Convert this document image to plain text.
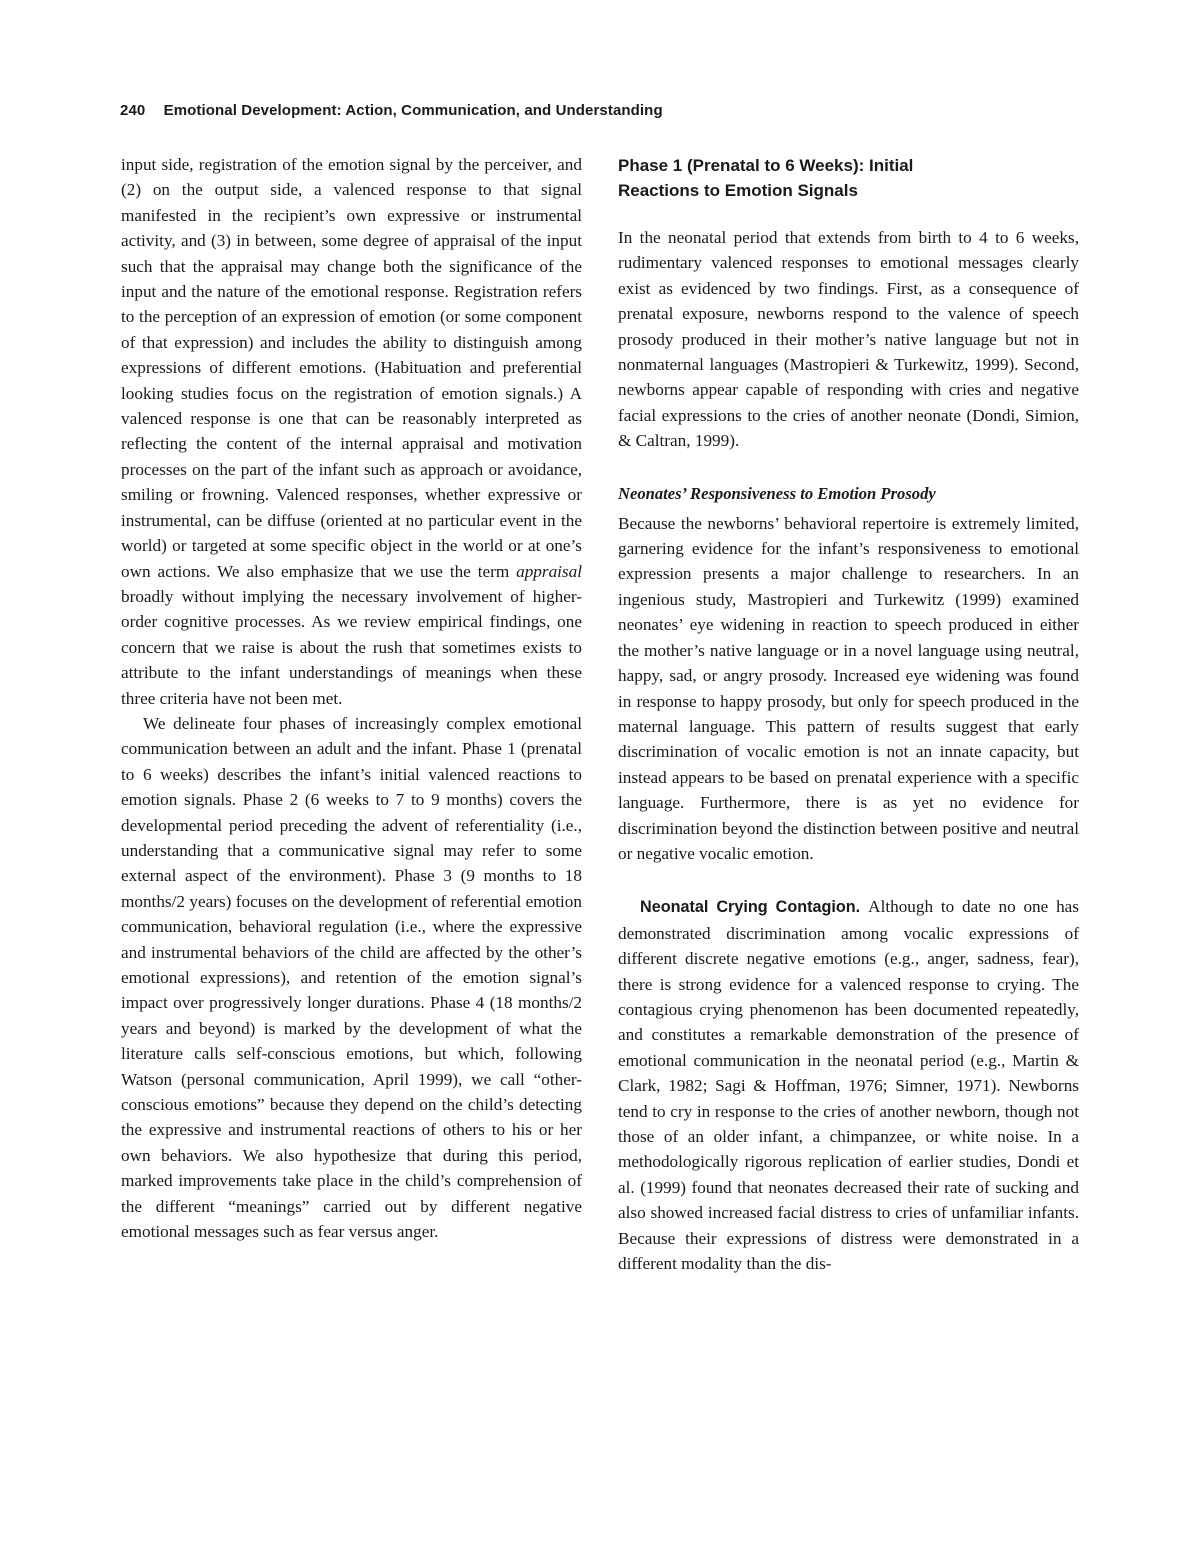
240 Emotional Development: Action, Communication, and Understanding

input side, registration of the emotion signal by the perceiver, and (2) on the output side, a valenced response to that signal manifested in the recipient’s own expressive or instrumental activity, and (3) in between, some degree of appraisal of the input such that the appraisal may change both the significance of the input and the nature of the emotional response. Registration refers to the perception of an expression of emotion (or some component of that expression) and includes the ability to distinguish among expressions of different emotions. (Habituation and preferential looking studies focus on the registration of emotion signals.) A valenced response is one that can be reasonably interpreted as reflecting the content of the internal appraisal and motivation processes on the part of the infant such as approach or avoidance, smiling or frowning. Valenced responses, whether expressive or instrumental, can be diffuse (oriented at no particular event in the world) or targeted at some specific object in the world or at one’s own actions. We also emphasize that we use the term appraisal broadly without implying the necessary involvement of higher-order cognitive processes. As we review empirical findings, one concern that we raise is about the rush that sometimes exists to attribute to the infant understandings of meanings when these three criteria have not been met.

We delineate four phases of increasingly complex emotional communication between an adult and the infant. Phase 1 (prenatal to 6 weeks) describes the infant’s initial valenced reactions to emotion signals. Phase 2 (6 weeks to 7 to 9 months) covers the developmental period preceding the advent of referentiality (i.e., understanding that a communicative signal may refer to some external aspect of the environment). Phase 3 (9 months to 18 months/2 years) focuses on the development of referential emotion communication, behavioral regulation (i.e., where the expressive and instrumental behaviors of the child are affected by the other’s emotional expressions), and retention of the emotion signal’s impact over progressively longer durations. Phase 4 (18 months/2 years and beyond) is marked by the development of what the literature calls self-conscious emotions, but which, following Watson (personal communication, April 1999), we call “other-conscious emotions” because they depend on the child’s detecting the expressive and instrumental reactions of others to his or her own behaviors. We also hypothesize that during this period, marked improvements take place in the child’s comprehension of the different “meanings” carried out by different negative emotional messages such as fear versus anger.

Phase 1 (Prenatal to 6 Weeks): Initial
Reactions to Emotion Signals

In the neonatal period that extends from birth to 4 to 6 weeks, rudimentary valenced responses to emotional messages clearly exist as evidenced by two findings. First, as a consequence of prenatal exposure, newborns respond to the valence of speech prosody produced in their mother’s native language but not in nonmaternal languages (Mastropieri & Turkewitz, 1999). Second, newborns appear capable of responding with cries and negative facial expressions to the cries of another neonate (Dondi, Simion, & Caltran, 1999).

Neonates’ Responsiveness to Emotion Prosody

Because the newborns’ behavioral repertoire is extremely limited, garnering evidence for the infant’s responsiveness to emotional expression presents a major challenge to researchers. In an ingenious study, Mastropieri and Turkewitz (1999) examined neonates’ eye widening in reaction to speech produced in either the mother’s native language or in a novel language using neutral, happy, sad, or angry prosody. Increased eye widening was found in response to happy prosody, but only for speech produced in the maternal language. This pattern of results suggest that early discrimination of vocalic emotion is not an innate capacity, but instead appears to be based on prenatal experience with a specific language. Furthermore, there is as yet no evidence for discrimination beyond the distinction between positive and neutral or negative vocalic emotion.

Neonatal Crying Contagion. Although to date no one has demonstrated discrimination among vocalic expressions of different discrete negative emotions (e.g., anger, sadness, fear), there is strong evidence for a valenced response to crying. The contagious crying phenomenon has been documented repeatedly, and constitutes a remarkable demonstration of the presence of emotional communication in the neonatal period (e.g., Martin & Clark, 1982; Sagi & Hoffman, 1976; Simner, 1971). Newborns tend to cry in response to the cries of another newborn, though not those of an older infant, a chimpanzee, or white noise. In a methodologically rigorous replication of earlier studies, Dondi et al. (1999) found that neonates decreased their rate of sucking and also showed increased facial distress to cries of unfamiliar infants. Because their expressions of distress were demonstrated in a different modality than the dis-
